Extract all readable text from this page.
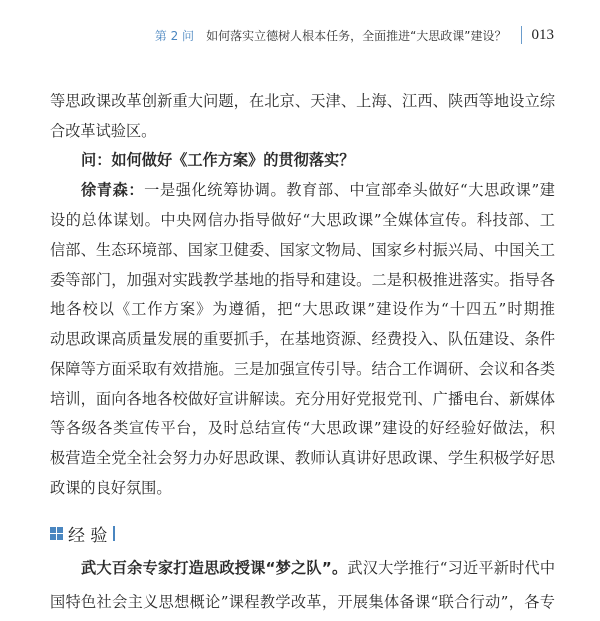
第 2 问 如何落实立德树人根本任务，全面推进“大思政课”建设？ 013
等思政课改革创新重大问题，在北京、天津、上海、江西、陕西等地设立综
合改革试验区。
问：如何做好《工作方案》的贯彻落实？
徐青森：一是强化统筹协调。教育部、中宣部牵头做好“大思政课”建
设的总体谋划。中央网信办指导做好“大思政课”全媒体宣传。科技部、工
信部、生态环境部、国家卫健委、国家文物局、国家乡村振兴局、中国关工
委等部门，加强对实践教学基地的指导和建设。二是积极推进落实。指导各
地各校以《工作方案》为遵循，把“大思政课”建设作为“十四五”时期推
动思政课高质量发展的重要抓手，在基地资源、经费投入、队伍建设、条件
保障等方面采取有效措施。三是加强宣传引导。结合工作调研、会议和各类
培训，面向各地各校做好宣讲解读。充分用好党报党刊、广播电台、新媒体
等各级各类宣传平台，及时总结宣传“大思政课”建设的好经验好做法，积
极营造全党全社会努力办好思政课、教师认真讲好思政课、学生积极学好思
经 验
武大百余专家打造思政授课“梦之队”。武汉大学推行“习近平新时代中
国特色社会主义思想概论”课程教学改革，开展集体备课“联合行动”，各专
政课的良好氛围。
